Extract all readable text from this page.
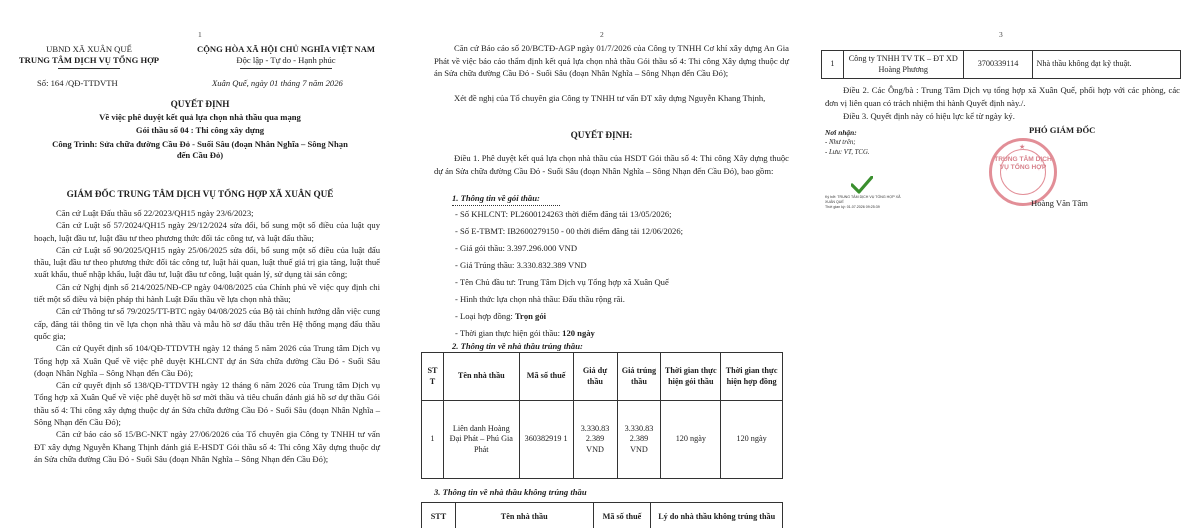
1
UBND XÃ XUÂN QUẾ
TRUNG TÂM DỊCH VỤ TỔNG HỢP
CỘNG HÒA XÃ HỘI CHỦ NGHĨA VIỆT NAM
Độc lập - Tự do - Hạnh phúc
Số: 164 /QĐ-TTDVTH	Xuân Quế, ngày 01 tháng 7 năm 2026
QUYẾT ĐỊNH
Về việc phê duyệt kết quả lựa chọn nhà thầu qua mạng
Gói thầu số 04 : Thi công xây dựng
Công Trình: Sửa chữa đường Cầu Đỏ - Suối Sâu (đoạn Nhân Nghĩa – Sông Nhạn
đến Cầu Đỏ)
GIÁM ĐỐC TRUNG TÂM DỊCH VỤ TỔNG HỢP XÃ XUÂN QUẾ
Căn cứ Luật Đấu thầu số 22/2023/QH15 ngày 23/6/2023;
Căn cứ Luật số 57/2024/QH15 ngày 29/12/2024 sửa đổi, bổ sung một số điều của luật quy hoạch, luật đầu tư, luật đầu tư theo phương thức đối tác công tư, và luật đấu thầu;
Căn cứ Luật số 90/2025/QH15 ngày 25/06/2025 sửa đổi, bổ sung một số điều của luật đấu thầu, luật đầu tư theo phương thức đối tác công tư, luật hải quan, luật thuế giá trị gia tăng, luật thuế xuất khẩu, thuế nhập khẩu, luật đầu tư, luật đầu tư công, luật quản lý, sử dụng tài sản công;
Căn cứ Nghị định số 214/2025/NĐ-CP ngày 04/08/2025 của Chính phủ về việc quy định chi tiết một số điều và biện pháp thi hành Luật Đấu thầu về lựa chọn nhà thầu;
Căn cứ Thông tư số 79/2025/TT-BTC ngày 04/08/2025 của Bộ tài chính hướng dẫn việc cung cấp, đăng tải thông tin về lựa chọn nhà thầu và mẫu hồ sơ đấu thầu trên Hệ thống mạng đấu thầu quốc gia;
Căn cứ Quyết định số 104/QĐ-TTDVTH ngày 12 tháng 5 năm 2026 của Trung tâm Dịch vụ Tổng hợp xã Xuân Quế về việc phê duyệt KHLCNT dự án Sửa chữa đường Cầu Đỏ - Suối Sâu (đoạn Nhân Nghĩa – Sông Nhạn đến Cầu Đỏ);
Căn cứ quyết định số 138/QĐ-TTDVTH ngày 12 tháng 6 năm 2026 của Trung tâm Dịch vụ Tổng hợp xã Xuân Quế về việc phê duyệt hồ sơ mời thầu và tiêu chuẩn đánh giá hồ sơ dự thầu Gói thầu số 4: Thi công xây dựng thuộc dự án Sửa chữa đường Cầu Đỏ - Suối Sâu (đoạn Nhân Nghĩa – Sông Nhạn đến Cầu Đỏ);
Căn cứ báo cáo số 15/BC-NKT ngày 27/06/2026 của Tổ chuyên gia Công ty TNHH tư vấn ĐT xây dựng Nguyễn Khang Thịnh đánh giá E-HSDT Gói thầu số 4: Thi công Xây dựng thuộc dự án Sửa chữa đường Cầu Đỏ - Suối Sâu (đoạn Nhân Nghĩa – Sông Nhạn đến Cầu Đỏ);
2
Căn cứ Báo cáo số 20/BCTĐ-AGP ngày 01/7/2026 của Công ty TNHH Cơ khí xây dựng An Gia Phát về việc báo cáo thẩm định kết quả lựa chọn nhà thầu Gói thầu số 4: Thi công Xây dựng thuộc dự án Sửa chữa đường Cầu Đỏ - Suối Sâu (đoạn Nhân Nghĩa – Sông Nhạn đến Cầu Đỏ);
Xét đề nghị của Tổ chuyên gia Công ty TNHH tư vấn ĐT xây dựng Nguyễn Khang Thịnh,
QUYẾT ĐỊNH:
Điều 1. Phê duyệt kết quả lựa chọn nhà thầu của HSDT Gói thầu số 4: Thi công Xây dựng thuộc dự án Sửa chữa đường Cầu Đỏ - Suối Sâu (đoạn Nhân Nghĩa – Sông Nhạn đến Cầu Đỏ), bao gồm:
1. Thông tin về gói thầu:
- Số KHLCNT: PL2600124263 thời điểm đăng tải 13/05/2026;
- Số E-TBMT: IB2600279150 - 00 thời điểm đăng tải 12/06/2026;
- Giá gói thầu: 3.397.296.000 VND
- Giá Trúng thầu: 3.330.832.389 VND
- Tên Chủ đầu tư: Trung Tâm Dịch vụ Tổng hợp xã Xuân Quế
- Hình thức lựa chọn nhà thầu: Đấu thầu rộng rãi.
- Loại hợp đồng: Trọn gói
- Thời gian thực hiện gói thầu: 120 ngày
2. Thông tin về nhà thầu trúng thầu:
ST T	Tên nhà thầu	Mã số thuế	Giá dự thầu	Giá trúng thầu	Thời gian thực hiện gói thầu	Thời gian thực hiện hợp đồng
1	Liên danh Hoàng Đại Phát – Phú Gia Phát	360382919 1	3.330.83 2.389 VND	3.330.83 2.389 VND	120 ngày	120 ngày
3. Thông tin về nhà thầu không trúng thầu
STT	Tên nhà thầu	Mã số thuế	Lý do nhà thầu không trúng thầu
3
1	Công ty TNHH TV TK – ĐT XD Hoàng Phương	3700339114	Nhà thầu không đạt kỹ thuật.
Điều 2. Các Ông/bà : Trung Tâm Dịch vụ tổng hợp xã Xuân Quế, phối hợp với các phòng, các đơn vị liên quan có trách nhiệm thi hành Quyết định này./.
Điều 3. Quyết định này có hiệu lực kể từ ngày ký.
Nơi nhận:
- Như trên;
- Lưu: VT, TCG.
PHÓ GIÁM ĐỐC
★
TRUNG TÂM DỊCH VỤ TỔNG HỢP
Ký bởi: TRUNG TÂM DỊCH VỤ TỔNG HỢP XÃ
XUÂN QUẾ
Thời gian ký: 01.07.2026 09:25:39	Hoàng Văn Tâm
